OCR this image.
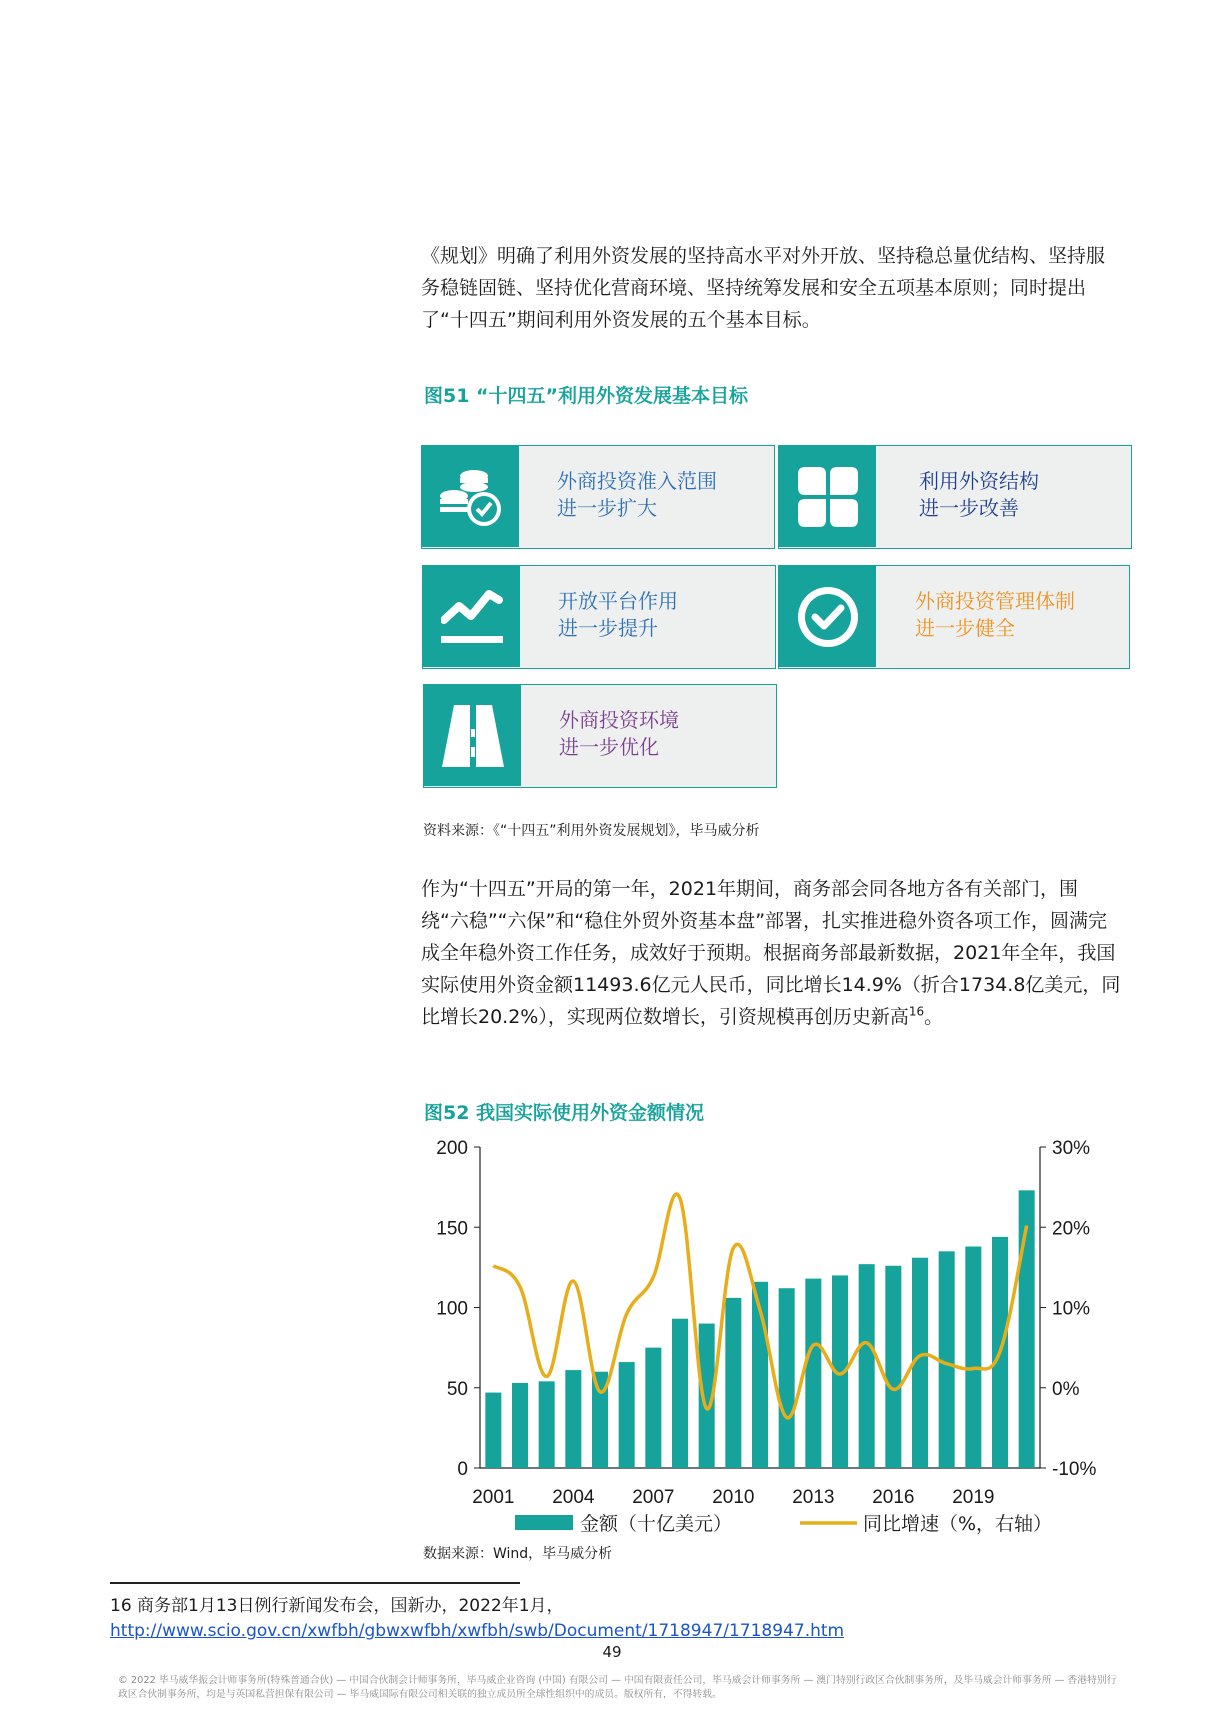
《规划》明确了利用外资发展的坚持高水平对外开放、坚持稳总量优结构、坚持服务稳链固链、坚持优化营商环境、坚持统筹发展和安全五项基本原则；同时提出了“十四五”期间利用外资发展的五个基本目标。

图51 “十四五”利用外资发展基本目标
外商投资准入范围
进一步扩大
利用外资结构
进一步改善
开放平台作用
进一步提升
外商投资管理体制
进一步健全
外商投资环境
进一步优化
资料来源：《“十四五”利用外资发展规划》，毕马威分析

作为“十四五”开局的第一年，2021年期间，商务部会同各地方各有关部门，围绕“六稳”“六保”和“稳住外贸外资基本盘”部署，扎实推进稳外资各项工作，圆满完成全年稳外资工作任务，成效好于预期。根据商务部最新数据，2021年全年，我国实际使用外资金额11493.6亿元人民币，同比增长14.9%（折合1734.8亿美元，同比增长20.2%），实现两位数增长，引资规模再创历史新高$^{16}$。

图52 我国实际使用外资金额情况
0
50
100
150
200
-10%
0%
10%
20%
30%
2001 2004 2007 2010 2013 2016 2019
金额（十亿美元）	同比增速（%，右轴）
数据来源：Wind，毕马威分析
16 商务部1月13日例行新闻发布会，国新办，2022年1月，
http://www.scio.gov.cn/xwfbh/gbwxwfbh/xwfbh/swb/Document/1718947/1718947.htm
49
© 2022 毕马威华振会计师事务所(特殊普通合伙) — 中国合伙制会计师事务所，毕马威企业咨询 (中国) 有限公司 — 中国有限责任公司，毕马威会计师事务所 — 澳门特别行政区合伙制事务所，及毕马威会计师事务所 — 香港特别行政区合伙制事务所，均是与英国私营担保有限公司 — 毕马威国际有限公司相关联的独立成员所全球性组织中的成员。版权所有，不得转载。
